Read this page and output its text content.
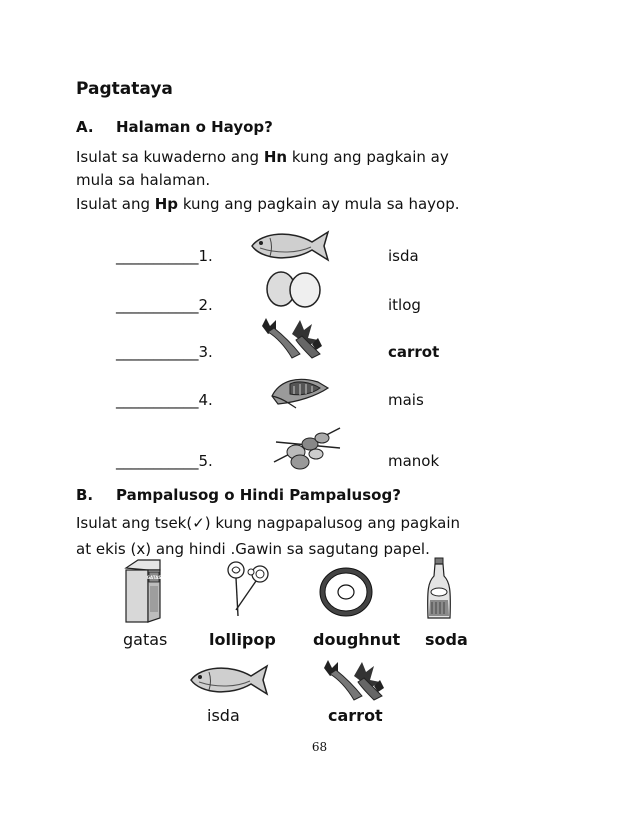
Pagtataya
A. Halaman o Hayop?
Isulat sa kuwaderno ang Hn kung ang pagkain ay
mula sa halaman.
Isulat ang Hp kung ang pagkain ay mula sa hayop.
___________1.	isda
___________2.	itlog
___________3.	carrot
___________4.	mais
___________5.	manok
B. Pampalusog o Hindi Pampalusog?
Isulat ang tsek(✓) kung nagpapalusog ang pagkain
at ekis (x) ang hindi .Gawin sa sagutang papel.
GATAS
gatas	lollipop doughnut soda
isda	carrot
68
